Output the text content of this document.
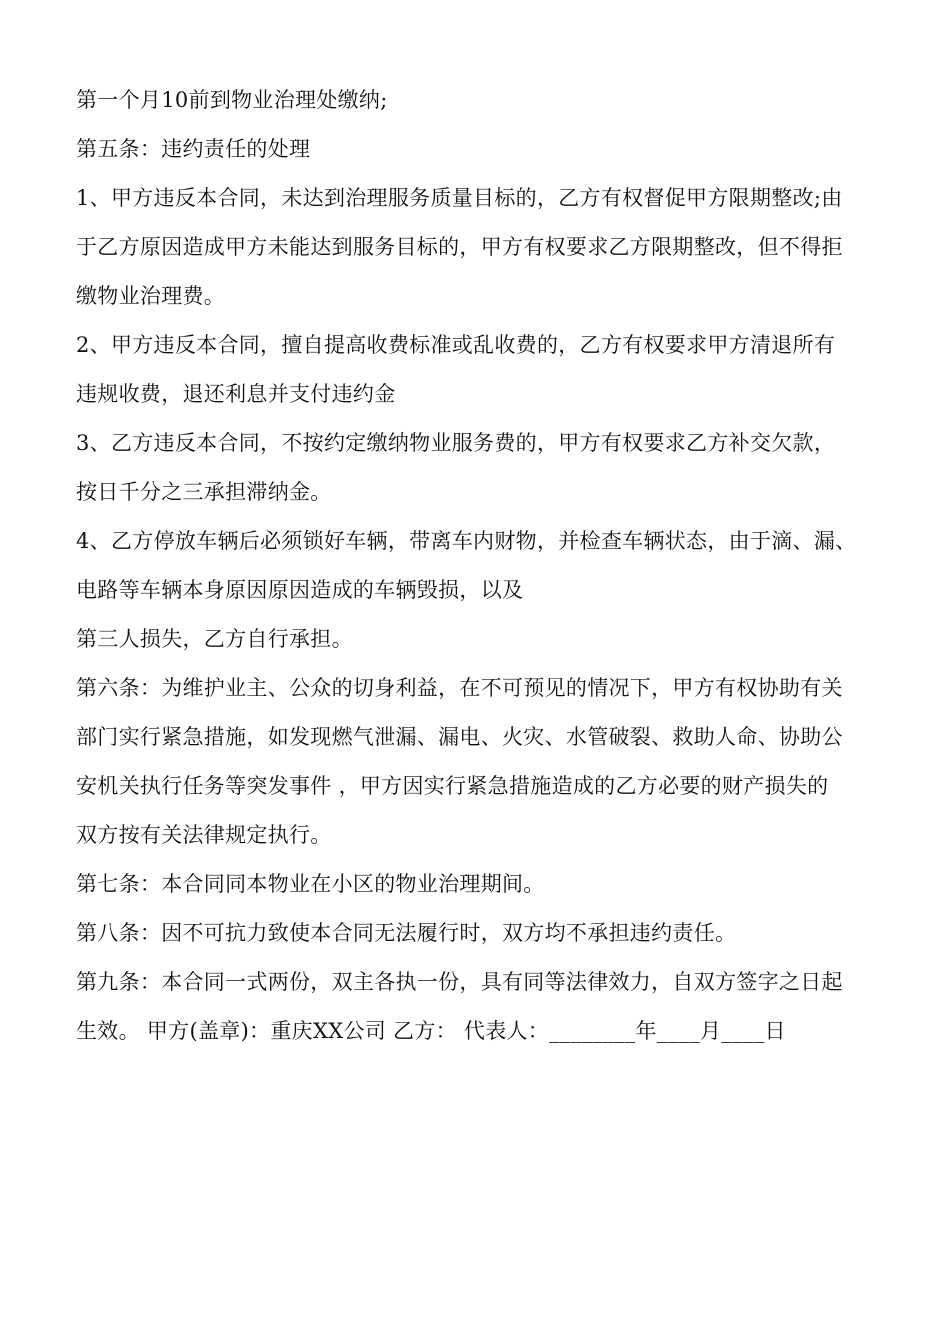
第一个月10前到物业治理处缴纳;
第五条：违约责任的处理
1、甲方违反本合同，未达到治理服务质量目标的，乙方有权督促甲方限期整改;由
于乙方原因造成甲方未能达到服务目标的，甲方有权要求乙方限期整改，但不得拒
缴物业治理费。
2、甲方违反本合同，擅自提高收费标准或乱收费的，乙方有权要求甲方清退所有
违规收费，退还利息并支付违约金
3、乙方违反本合同，不按约定缴纳物业服务费的，甲方有权要求乙方补交欠款，
按日千分之三承担滞纳金。
4、乙方停放车辆后必须锁好车辆，带离车内财物，并检查车辆状态，由于滴、漏、
电路等车辆本身原因原因造成的车辆毁损，以及
第三人损失，乙方自行承担。
第六条：为维护业主、公众的切身利益，在不可预见的情况下，甲方有权协助有关
部门实行紧急措施，如发现燃气泄漏、漏电、火灾、水管破裂、救助人命、协助公
安机关执行任务等突发事件 ，甲方因实行紧急措施造成的乙方必要的财产损失的
双方按有关法律规定执行。
第七条：本合同同本物业在小区的物业治理期间。
第八条：因不可抗力致使本合同无法履行时，双方均不承担违约责任。
第九条：本合同一式两份，双主各执一份，具有同等法律效力，自双方签字之日起
生效。 甲方(盖章)：重庆XX公司 乙方： 代表人：________年____月____日
